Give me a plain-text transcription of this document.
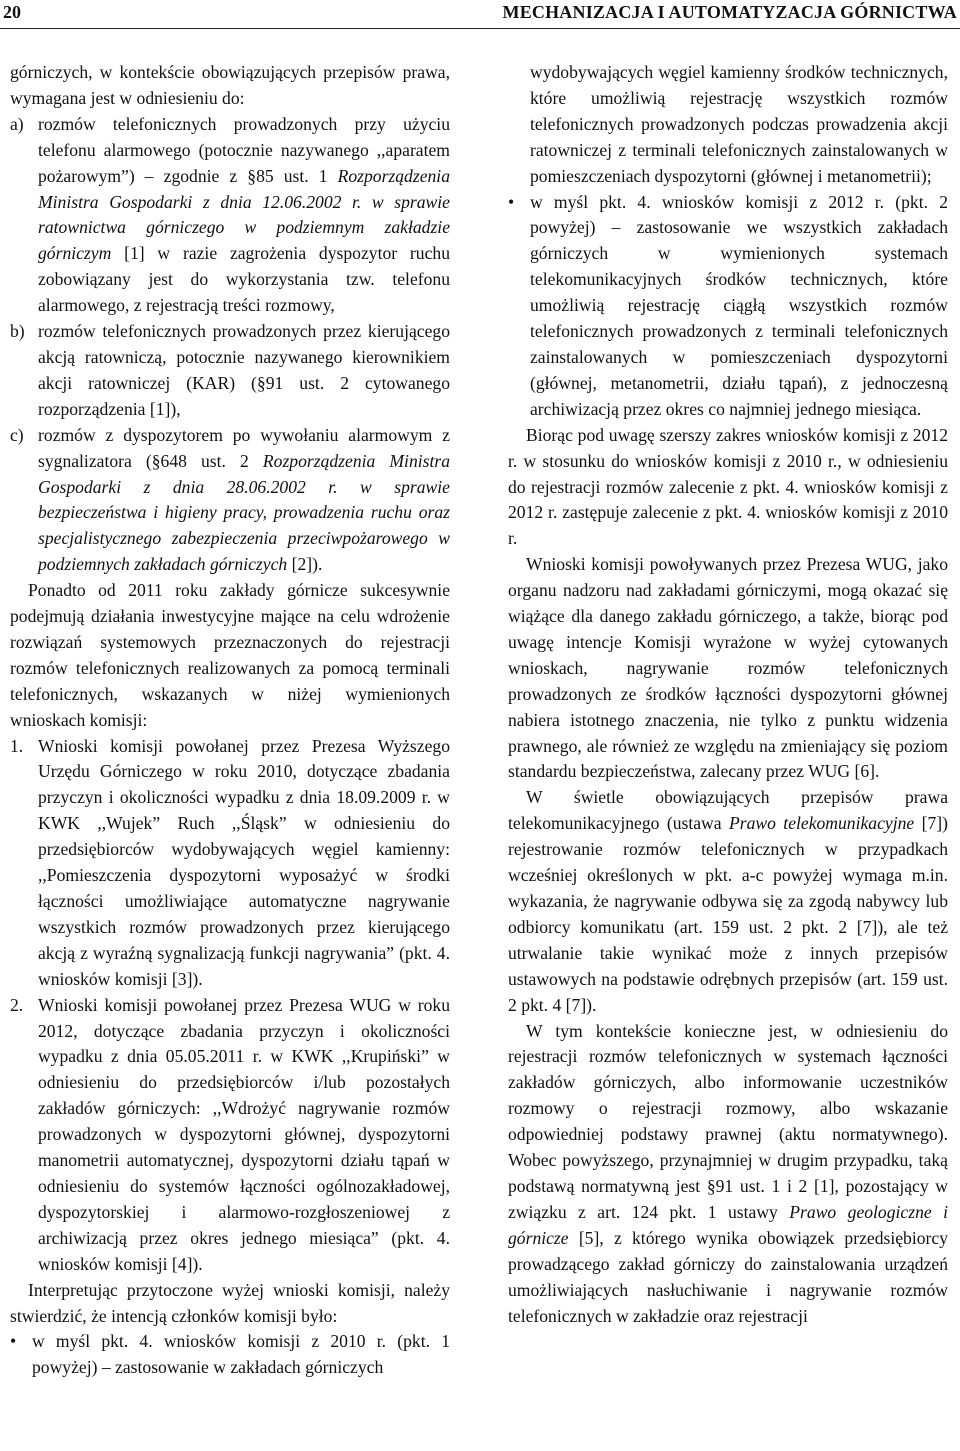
20	MECHANIZACJA I AUTOMATYZACJA GÓRNICTWA

górniczych, w kontekście obowiązujących przepisów prawa, wymagana jest w odniesieniu do:

a) rozmów telefonicznych prowadzonych przy użyciu telefonu alarmowego (potocznie nazywanego ,,aparatem pożarowym”) – zgodnie z §85 ust. 1 Rozporządzenia Ministra Gospodarki z dnia 12.06.2002 r. w sprawie ratownictwa górniczego w podziemnym zakładzie górniczym [1] w razie zagrożenia dyspozytor ruchu zobowiązany jest do wykorzystania tzw. telefonu alarmowego, z rejestracją treści rozmowy,

b) rozmów telefonicznych prowadzonych przez kierującego akcją ratowniczą, potocznie nazywanego kierownikiem akcji ratowniczej (KAR) (§91 ust. 2 cytowanego rozporządzenia [1]),

c) rozmów z dyspozytorem po wywołaniu alarmowym z sygnalizatora (§648 ust. 2 Rozporządzenia Ministra Gospodarki z dnia 28.06.2002 r. w sprawie bezpieczeństwa i higieny pracy, prowadzenia ruchu oraz specjalistycznego zabezpieczenia przeciwpożarowego w podziemnych zakładach górniczych [2]).

Ponadto od 2011 roku zakłady górnicze sukcesywnie podejmują działania inwestycyjne mające na celu wdrożenie rozwiązań systemowych przeznaczonych do rejestracji rozmów telefonicznych realizowanych za pomocą terminali telefonicznych, wskazanych w niżej wymienionych wnioskach komisji:

1. Wnioski komisji powołanej przez Prezesa Wyższego Urzędu Górniczego w roku 2010, dotyczące zbadania przyczyn i okoliczności wypadku z dnia 18.09.2009 r. w KWK ,,Wujek” Ruch ,,Śląsk” w odniesieniu do przedsiębiorców wydobywających węgiel kamienny: ,,Pomieszczenia dyspozytorni wyposażyć w środki łączności umożliwiające automatyczne nagrywanie wszystkich rozmów prowadzonych przez kierującego akcją z wyraźną sygnalizacją funkcji nagrywania” (pkt. 4. wniosków komisji [3]).

2. Wnioski komisji powołanej przez Prezesa WUG w roku 2012, dotyczące zbadania przyczyn i okoliczności wypadku z dnia 05.05.2011 r. w KWK ,,Krupiński” w odniesieniu do przedsiębiorców i/lub pozostałych zakładów górniczych: ,,Wdrożyć nagrywanie rozmów prowadzonych w dyspozytorni głównej, dyspozytorni manometrii automatycznej, dyspozytorni działu tąpań w odniesieniu do systemów łączności ogólnozakładowej, dyspozytorskiej i alarmowo-rozgłoszeniowej z archiwizacją przez okres jednego miesiąca” (pkt. 4. wniosków komisji [4]).

Interpretując przytoczone wyżej wnioski komisji, należy stwierdzić, że intencją członków komisji było:

• w myśl pkt. 4. wniosków komisji z 2010 r. (pkt. 1 powyżej) – zastosowanie w zakładach górniczych

wydobywających węgiel kamienny środków technicznych, które umożliwią rejestrację wszystkich rozmów telefonicznych prowadzonych podczas prowadzenia akcji ratowniczej z terminali telefonicznych zainstalowanych w pomieszczeniach dyspozytorni (głównej i metanometrii);

• w myśl pkt. 4. wniosków komisji z 2012 r. (pkt. 2 powyżej) – zastosowanie we wszystkich zakładach górniczych w wymienionych systemach telekomunikacyjnych środków technicznych, które umożliwią rejestrację ciągłą wszystkich rozmów telefonicznych prowadzonych z terminali telefonicznych zainstalowanych w pomieszczeniach dyspozytorni (głównej, metanometrii, działu tąpań), z jednoczesną archiwizacją przez okres co najmniej jednego miesiąca.

Biorąc pod uwagę szerszy zakres wniosków komisji z 2012 r. w stosunku do wniosków komisji z 2010 r., w odniesieniu do rejestracji rozmów zalecenie z pkt. 4. wniosków komisji z 2012 r. zastępuje zalecenie z pkt. 4. wniosków komisji z 2010 r.

Wnioski komisji powoływanych przez Prezesa WUG, jako organu nadzoru nad zakładami górniczymi, mogą okazać się wiążące dla danego zakładu górniczego, a także, biorąc pod uwagę intencje Komisji wyrażone w wyżej cytowanych wnioskach, nagrywanie rozmów telefonicznych prowadzonych ze środków łączności dyspozytorni głównej nabiera istotnego znaczenia, nie tylko z punktu widzenia prawnego, ale również ze względu na zmieniający się poziom standardu bezpieczeństwa, zalecany przez WUG [6].

W świetle obowiązujących przepisów prawa telekomunikacyjnego (ustawa Prawo telekomunikacyjne [7]) rejestrowanie rozmów telefonicznych w przypadkach wcześniej określonych w pkt. a-c powyżej wymaga m.in. wykazania, że nagrywanie odbywa się za zgodą nabywcy lub odbiorcy komunikatu (art. 159 ust. 2 pkt. 2 [7]), ale też utrwalanie takie wynikać może z innych przepisów ustawowych na podstawie odrębnych przepisów (art. 159 ust. 2 pkt. 4 [7]).

W tym kontekście konieczne jest, w odniesieniu do rejestracji rozmów telefonicznych w systemach łączności zakładów górniczych, albo informowanie uczestników rozmowy o rejestracji rozmowy, albo wskazanie odpowiedniej podstawy prawnej (aktu normatywnego). Wobec powyższego, przynajmniej w drugim przypadku, taką podstawą normatywną jest §91 ust. 1 i 2 [1], pozostający w związku z art. 124 pkt. 1 ustawy Prawo geologiczne i górnicze [5], z którego wynika obowiązek przedsiębiorcy prowadzącego zakład górniczy do zainstalowania urządzeń umożliwiających nasłuchiwanie i nagrywanie rozmów telefonicznych w zakładzie oraz rejestracji
